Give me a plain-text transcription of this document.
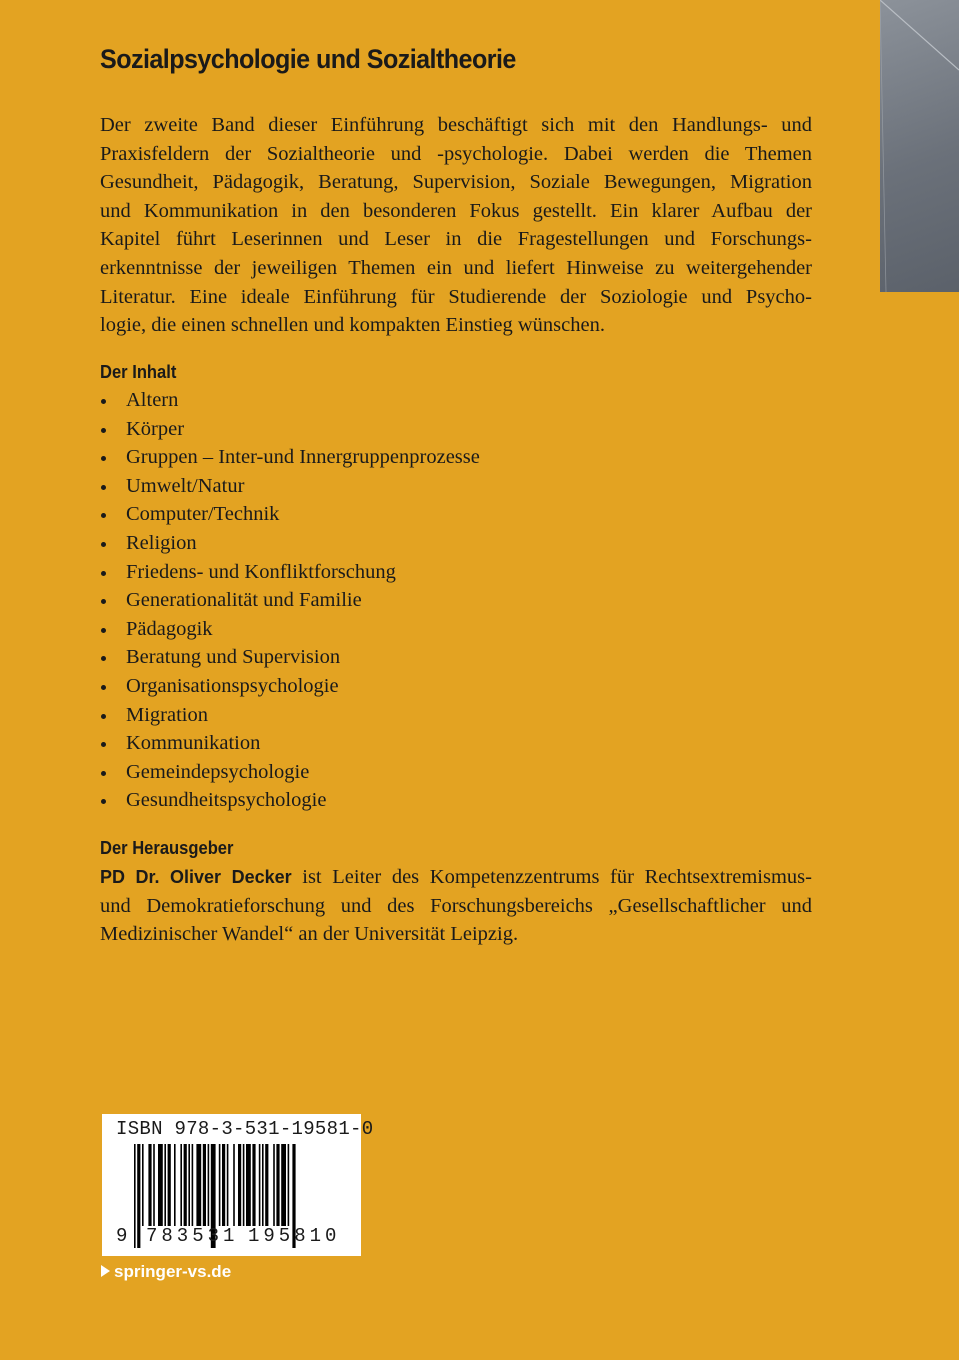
Sozialpsychologie und Sozialtheorie

Der zweite Band dieser Einführung beschäftigt sich mit den Handlungs- und
Praxisfeldern der Sozialtheorie und -psychologie. Dabei werden die Themen
Gesundheit, Pädagogik, Beratung, Supervision, Soziale Bewegungen, Migration
und Kommunikation in den besonderen Fokus gestellt. Ein klarer Aufbau der
Kapitel führt Leserinnen und Leser in die Fragestellungen und Forschungs-
erkenntnisse der jeweiligen Themen ein und liefert Hinweise zu weitergehender
Literatur. Eine ideale Einführung für Studierende der Soziologie und Psycho-
logie, die einen schnellen und kompakten Einstieg wünschen.

Der Inhalt
Altern
Körper
Gruppen – Inter-und Innergruppenprozesse
Umwelt/Natur
Computer/Technik
Religion
Friedens- und Konfliktforschung
Generationalität und Familie
Pädagogik
Beratung und Supervision
Organisationspsychologie
Migration
Kommunikation
Gemeindepsychologie
Gesundheitspsychologie
Der Herausgeber
PD Dr. Oliver Decker ist Leiter des Kompetenzzentrums für Rechtsextremismus-
und Demokratieforschung und des Forschungsbereichs „Gesellschaftlicher und
Medizinischer Wandel“ an der Universität Leipzig.
ISBN 978-3-531-19581-0
9 783531 195810
springer-vs.de
